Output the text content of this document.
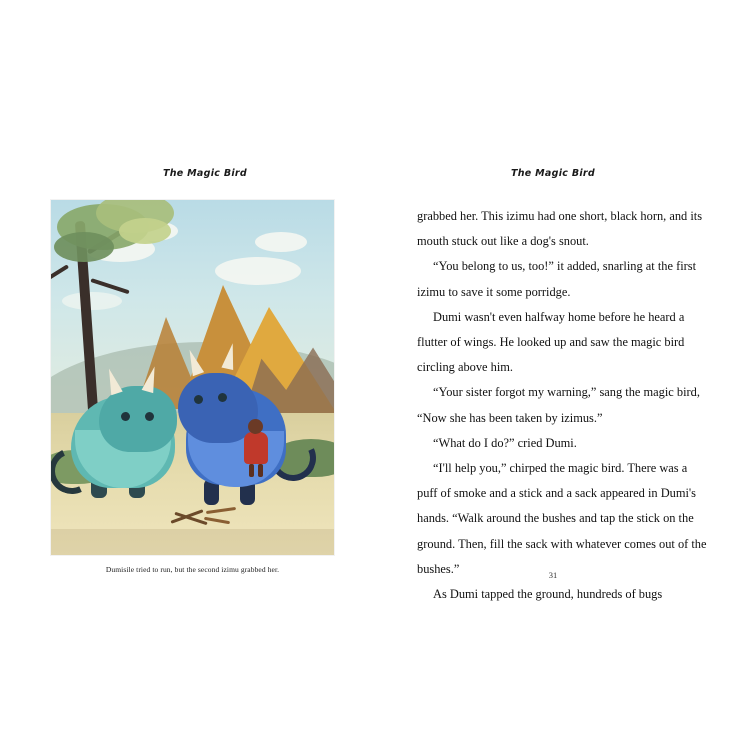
The Magic Bird
Dumisile tried to run, but the second izimu grabbed her.
The Magic Bird

grabbed her. This izimu had one short, black horn, and its mouth stuck out like a dog's snout.

“You belong to us, too!” it added, snarling at the first izimu to save it some porridge.

Dumi wasn't even halfway home before he heard a flutter of wings. He looked up and saw the magic bird circling above him.

“Your sister forgot my warning,” sang the magic bird, “Now she has been taken by izimus.”

“What do I do?” cried Dumi.

“I'll help you,” chirped the magic bird. There was a puff of smoke and a stick and a sack appeared in Dumi's hands. “Walk around the bushes and tap the stick on the ground. Then, fill the sack with whatever comes out of the bushes.”

As Dumi tapped the ground, hundreds of bugs

31
